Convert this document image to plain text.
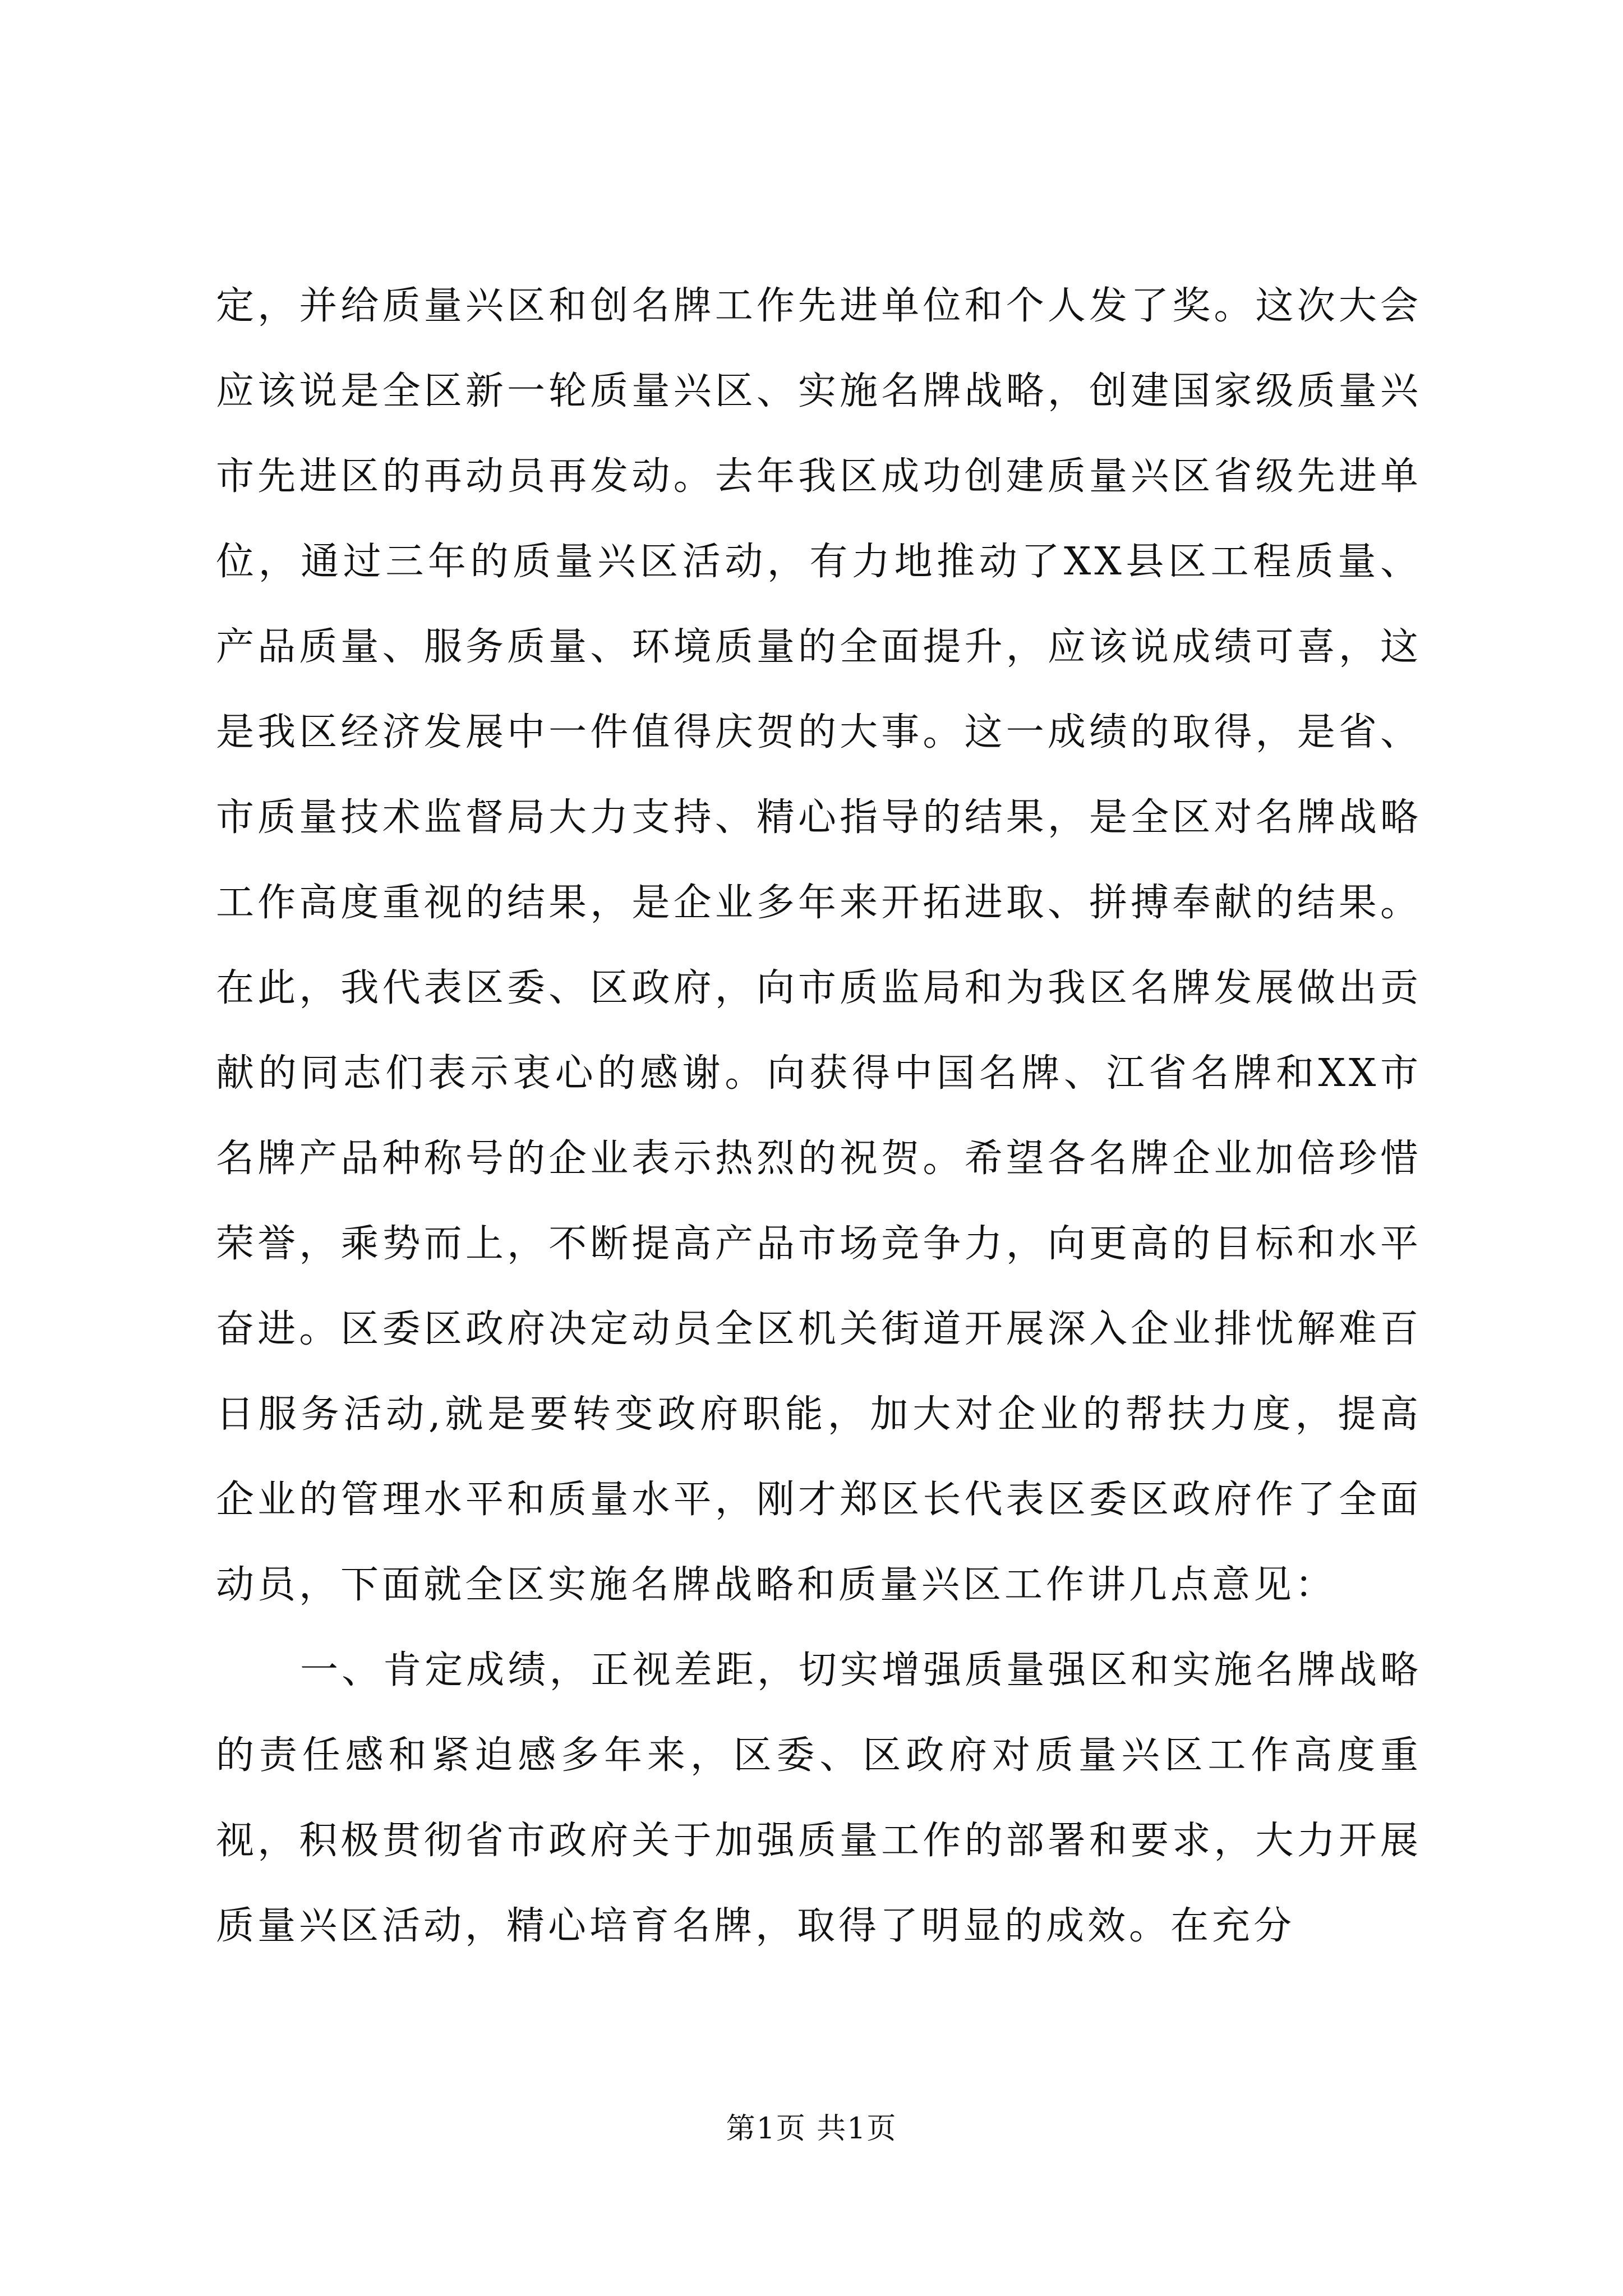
定，并给质量兴区和创名牌工作先进单位和个人发了奖。这次大会应该说是全区新一轮质量兴区、实施名牌战略，创建国家级质量兴市先进区的再动员再发动。去年我区成功创建质量兴区省级先进单位，通过三年的质量兴区活动，有力地推动了XX县区工程质量、产品质量、服务质量、环境质量的全面提升，应该说成绩可喜，这是我区经济发展中一件值得庆贺的大事。这一成绩的取得，是省、市质量技术监督局大力支持、精心指导的结果，是全区对名牌战略工作高度重视的结果，是企业多年来开拓进取、拼搏奉献的结果。在此，我代表区委、区政府，向市质监局和为我区名牌发展做出贡献的同志们表示衷心的感谢。向获得中国名牌、江省名牌和XX市名牌产品种称号的企业表示热烈的祝贺。希望各名牌企业加倍珍惜荣誉，乘势而上，不断提高产品市场竞争力，向更高的目标和水平奋进。区委区政府决定动员全区机关街道开展深入企业排忧解难百日服务活动,就是要转变政府职能，加大对企业的帮扶力度，提高企业的管理水平和质量水平，刚才郑区长代表区委区政府作了全面动员，下面就全区实施名牌战略和质量兴区工作讲几点意见：

一、肯定成绩，正视差距，切实增强质量强区和实施名牌战略的责任感和紧迫感多年来，区委、区政府对质量兴区工作高度重视，积极贯彻省市政府关于加强质量工作的部署和要求，大力开展质量兴区活动，精心培育名牌，取得了明显的成效。在充分

第1页 共1页
